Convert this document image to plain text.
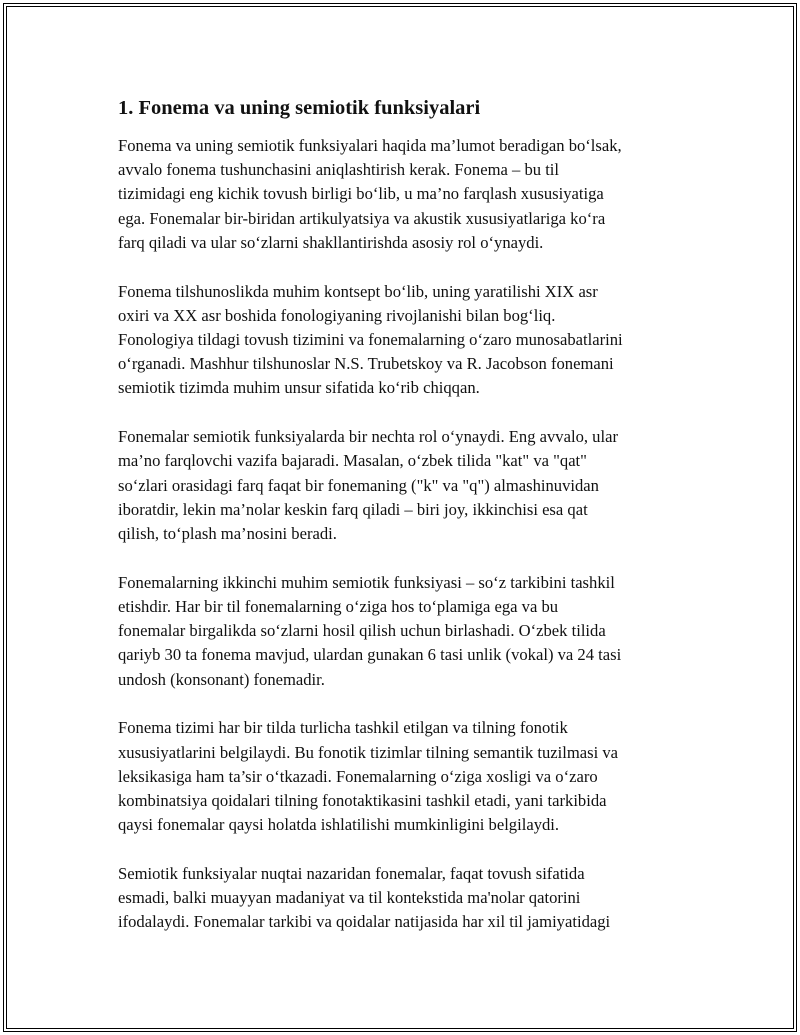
1. Fonema va uning semiotik funksiyalari
Fonema va uning semiotik funksiyalari haqida ma’lumot beradigan bo‘lsak,
avvalo fonema tushunchasini aniqlashtirish kerak. Fonema – bu til
tizimidagi eng kichik tovush birligi bo‘lib, u ma’no farqlash xususiyatiga
ega. Fonemalar bir-biridan artikulyatsiya va akustik xususiyatlariga ko‘ra
farq qiladi va ular so‘zlarni shakllantirishda asosiy rol o‘ynaydi.
Fonema tilshunoslikda muhim kontsept bo‘lib, uning yaratilishi XIX asr
oxiri va XX asr boshida fonologiyaning rivojlanishi bilan bog‘liq.
Fonologiya tildagi tovush tizimini va fonemalarning o‘zaro munosabatlarini
o‘rganadi. Mashhur tilshunoslar N.S. Trubetskoy va R. Jacobson fonemani
semiotik tizimda muhim unsur sifatida ko‘rib chiqqan.
Fonemalar semiotik funksiyalarda bir nechta rol o‘ynaydi. Eng avvalo, ular
ma’no farqlovchi vazifa bajaradi. Masalan, o‘zbek tilida "kat" va "qat"
so‘zlari orasidagi farq faqat bir fonemaning ("k" va "q") almashinuvidan
iboratdir, lekin ma’nolar keskin farq qiladi – biri joy, ikkinchisi esa qat
qilish, to‘plash ma’nosini beradi.
Fonemalarning ikkinchi muhim semiotik funksiyasi – so‘z tarkibini tashkil
etishdir. Har bir til fonemalarning o‘ziga hos to‘plamiga ega va bu
fonemalar birgalikda so‘zlarni hosil qilish uchun birlashadi. O‘zbek tilida
qariyb 30 ta fonema mavjud, ulardan gunakan 6 tasi unlik (vokal) va 24 tasi
undosh (konsonant) fonemadir.
Fonema tizimi har bir tilda turlicha tashkil etilgan va tilning fonotik
xususiyatlarini belgilaydi. Bu fonotik tizimlar tilning semantik tuzilmasi va
leksikasiga ham ta’sir o‘tkazadi. Fonemalarning o‘ziga xosligi va o‘zaro
kombinatsiya qoidalari tilning fonotaktikasini tashkil etadi, yani tarkibida
qaysi fonemalar qaysi holatda ishlatilishi mumkinligini belgilaydi.
Semiotik funksiyalar nuqtai nazaridan fonemalar, faqat tovush sifatida
esmadi, balki muayyan madaniyat va til kontekstida ma'nolar qatorini
ifodalaydi. Fonemalar tarkibi va qoidalar natijasida har xil til jamiyatidagi
